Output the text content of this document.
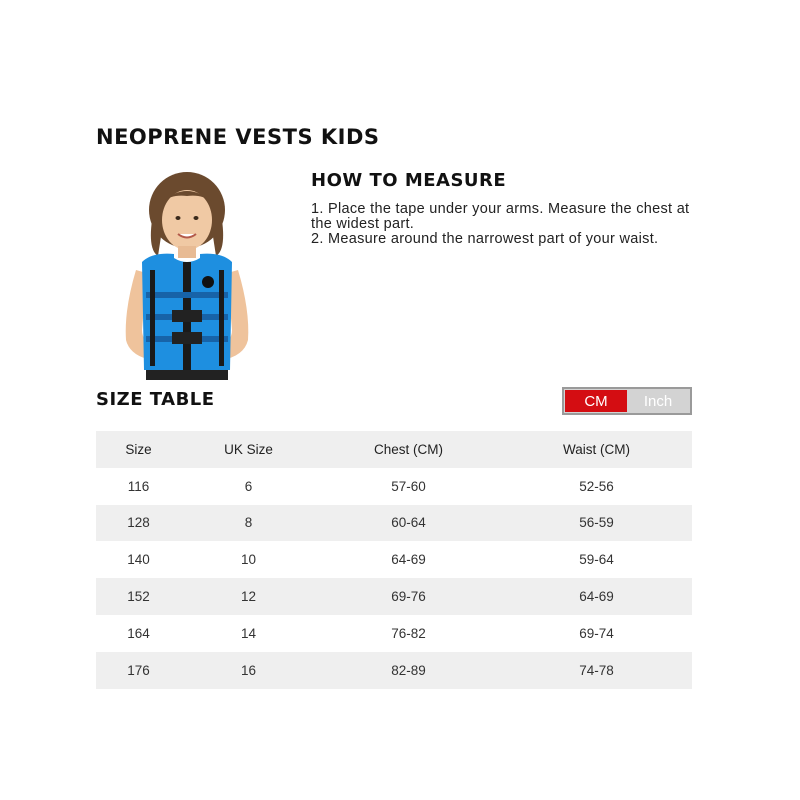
NEOPRENE VESTS KIDS
HOW TO MEASURE

1. Place the tape under your arms. Measure the chest at the widest part.

2. Measure around the narrowest part of your waist.

SIZE TABLE	CM	Inch
Size	UK Size	Chest (CM)	Waist (CM)
116	6	57-60	52-56
128	8	60-64	56-59
140	10	64-69	59-64
152	12	69-76	64-69
164	14	76-82	69-74
176	16	82-89	74-78
